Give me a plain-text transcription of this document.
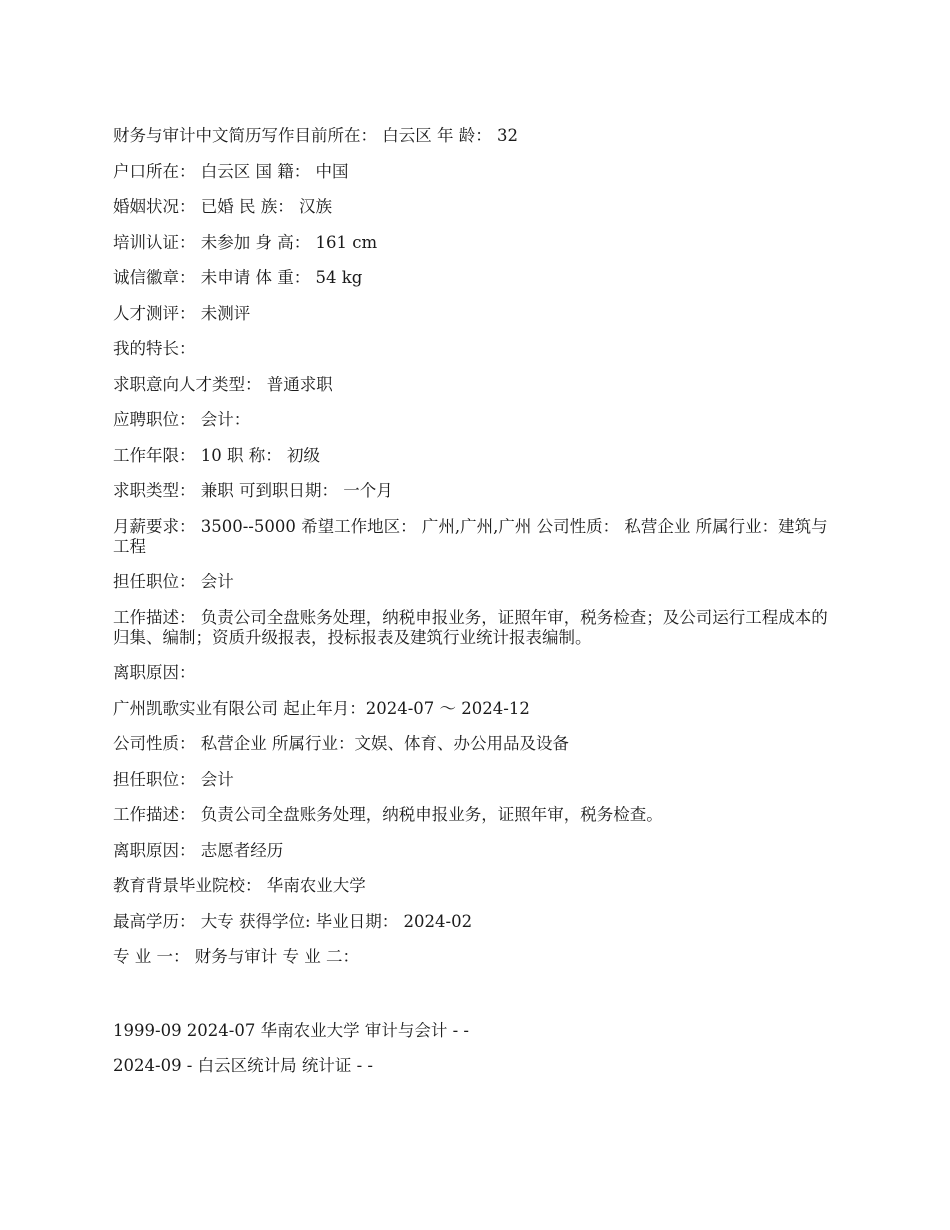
财务与审计中文简历写作目前所在： 白云区 年 龄： 32
户口所在： 白云区 国 籍： 中国
婚姻状况： 已婚 民 族： 汉族
培训认证： 未参加 身 高： 161 cm
诚信徽章： 未申请 体 重： 54 kg
人才测评： 未测评
我的特长：
求职意向人才类型： 普通求职
应聘职位： 会计：
工作年限： 10 职 称： 初级
求职类型： 兼职 可到职日期： 一个月
月薪要求： 3500--5000 希望工作地区： 广州,广州,广州 公司性质： 私营企业 所属行业：建筑与工程
担任职位： 会计
工作描述： 负责公司全盘账务处理，纳税申报业务，证照年审，税务检查；及公司运行工程成本的归集、编制；资质升级报表，投标报表及建筑行业统计报表编制。
离职原因：
广州凯歌实业有限公司 起止年月：2024-07 ～ 2024-12
公司性质： 私营企业 所属行业：文娱、体育、办公用品及设备
担任职位： 会计
工作描述： 负责公司全盘账务处理，纳税申报业务，证照年审，税务检查。
离职原因： 志愿者经历
教育背景毕业院校： 华南农业大学
最高学历： 大专 获得学位: 毕业日期： 2024-02
专 业 一： 财务与审计 专 业 二：
1999-09 2024-07 华南农业大学 审计与会计 - -
2024-09 - 白云区统计局 统计证 - -
